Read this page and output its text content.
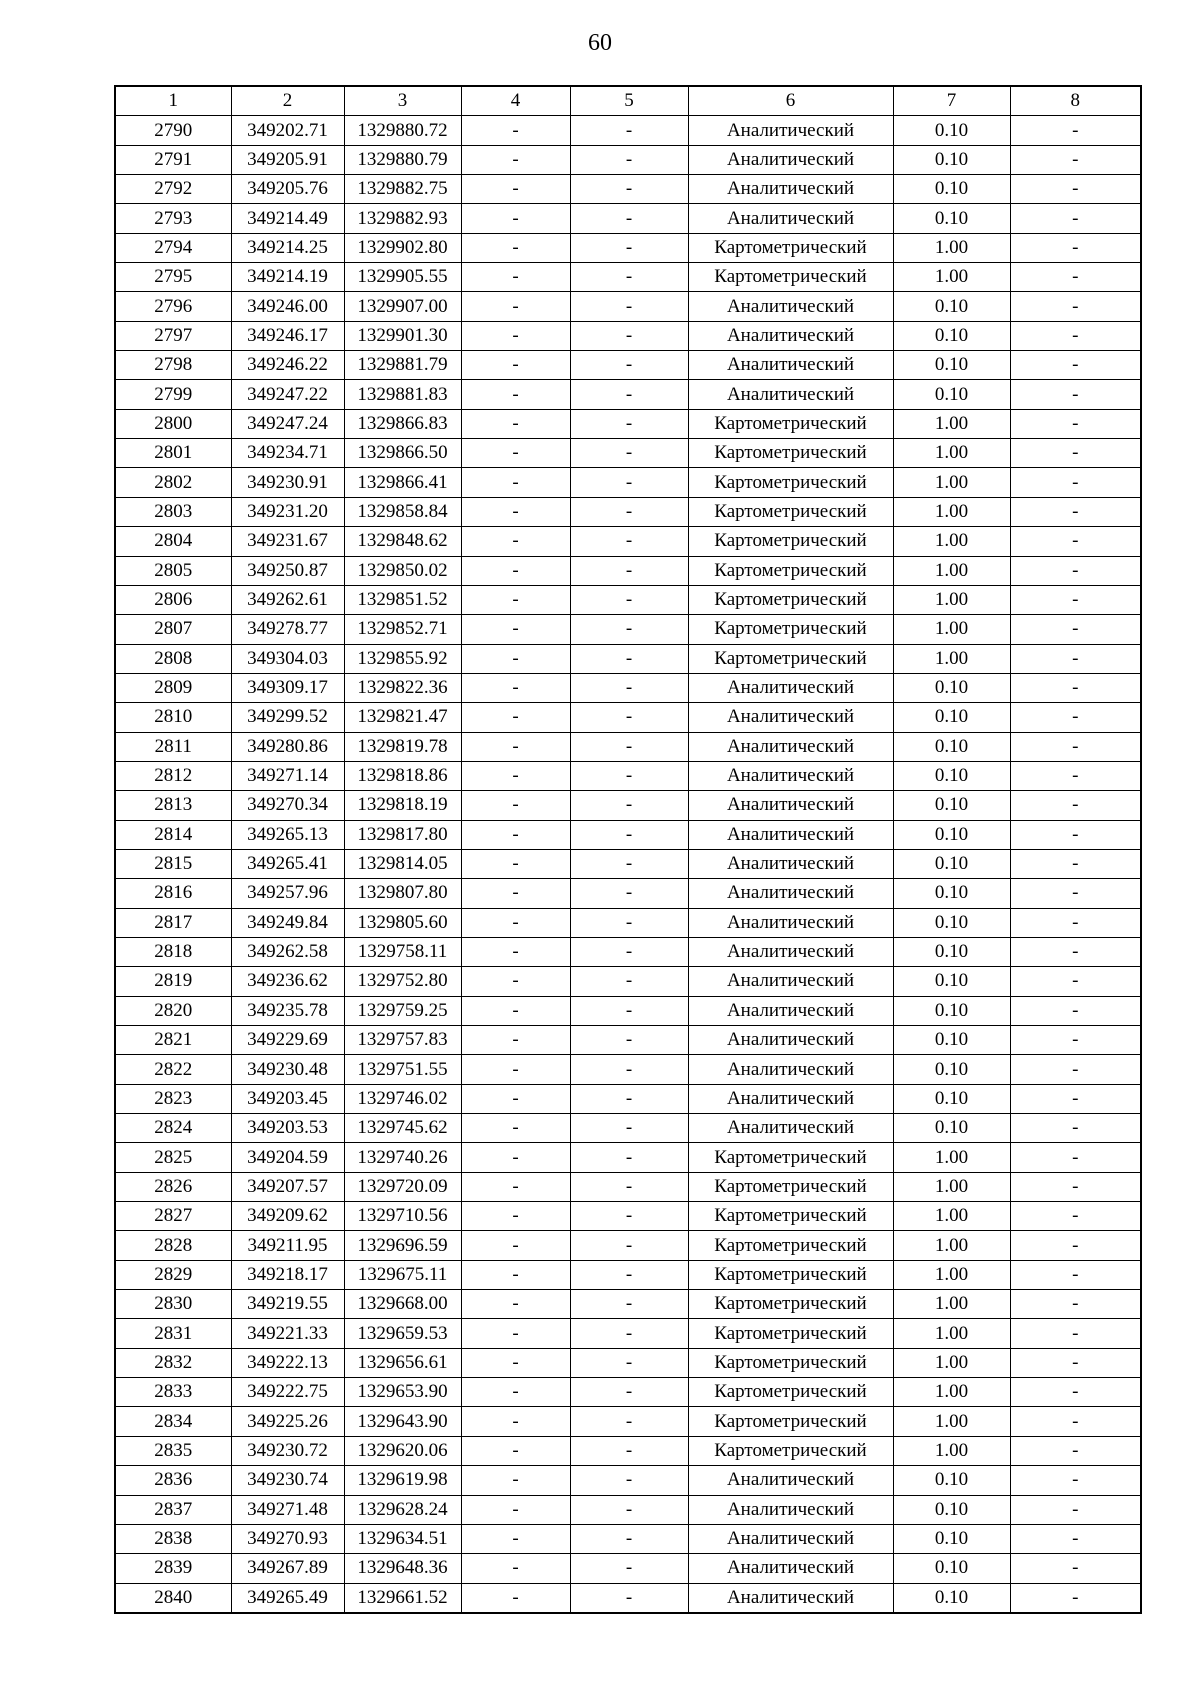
60
1	2	3	4	5	6	7	8
2790	349202.71	1329880.72	-	-	Аналитический	0.10	-
2791	349205.91	1329880.79	-	-	Аналитический	0.10	-
2792	349205.76	1329882.75	-	-	Аналитический	0.10	-
2793	349214.49	1329882.93	-	-	Аналитический	0.10	-
2794	349214.25	1329902.80	-	-	Картометрический	1.00	-
2795	349214.19	1329905.55	-	-	Картометрический	1.00	-
2796	349246.00	1329907.00	-	-	Аналитический	0.10	-
2797	349246.17	1329901.30	-	-	Аналитический	0.10	-
2798	349246.22	1329881.79	-	-	Аналитический	0.10	-
2799	349247.22	1329881.83	-	-	Аналитический	0.10	-
2800	349247.24	1329866.83	-	-	Картометрический	1.00	-
2801	349234.71	1329866.50	-	-	Картометрический	1.00	-
2802	349230.91	1329866.41	-	-	Картометрический	1.00	-
2803	349231.20	1329858.84	-	-	Картометрический	1.00	-
2804	349231.67	1329848.62	-	-	Картометрический	1.00	-
2805	349250.87	1329850.02	-	-	Картометрический	1.00	-
2806	349262.61	1329851.52	-	-	Картометрический	1.00	-
2807	349278.77	1329852.71	-	-	Картометрический	1.00	-
2808	349304.03	1329855.92	-	-	Картометрический	1.00	-
2809	349309.17	1329822.36	-	-	Аналитический	0.10	-
2810	349299.52	1329821.47	-	-	Аналитический	0.10	-
2811	349280.86	1329819.78	-	-	Аналитический	0.10	-
2812	349271.14	1329818.86	-	-	Аналитический	0.10	-
2813	349270.34	1329818.19	-	-	Аналитический	0.10	-
2814	349265.13	1329817.80	-	-	Аналитический	0.10	-
2815	349265.41	1329814.05	-	-	Аналитический	0.10	-
2816	349257.96	1329807.80	-	-	Аналитический	0.10	-
2817	349249.84	1329805.60	-	-	Аналитический	0.10	-
2818	349262.58	1329758.11	-	-	Аналитический	0.10	-
2819	349236.62	1329752.80	-	-	Аналитический	0.10	-
2820	349235.78	1329759.25	-	-	Аналитический	0.10	-
2821	349229.69	1329757.83	-	-	Аналитический	0.10	-
2822	349230.48	1329751.55	-	-	Аналитический	0.10	-
2823	349203.45	1329746.02	-	-	Аналитический	0.10	-
2824	349203.53	1329745.62	-	-	Аналитический	0.10	-
2825	349204.59	1329740.26	-	-	Картометрический	1.00	-
2826	349207.57	1329720.09	-	-	Картометрический	1.00	-
2827	349209.62	1329710.56	-	-	Картометрический	1.00	-
2828	349211.95	1329696.59	-	-	Картометрический	1.00	-
2829	349218.17	1329675.11	-	-	Картометрический	1.00	-
2830	349219.55	1329668.00	-	-	Картометрический	1.00	-
2831	349221.33	1329659.53	-	-	Картометрический	1.00	-
2832	349222.13	1329656.61	-	-	Картометрический	1.00	-
2833	349222.75	1329653.90	-	-	Картометрический	1.00	-
2834	349225.26	1329643.90	-	-	Картометрический	1.00	-
2835	349230.72	1329620.06	-	-	Картометрический	1.00	-
2836	349230.74	1329619.98	-	-	Аналитический	0.10	-
2837	349271.48	1329628.24	-	-	Аналитический	0.10	-
2838	349270.93	1329634.51	-	-	Аналитический	0.10	-
2839	349267.89	1329648.36	-	-	Аналитический	0.10	-
2840	349265.49	1329661.52	-	-	Аналитический	0.10	-
